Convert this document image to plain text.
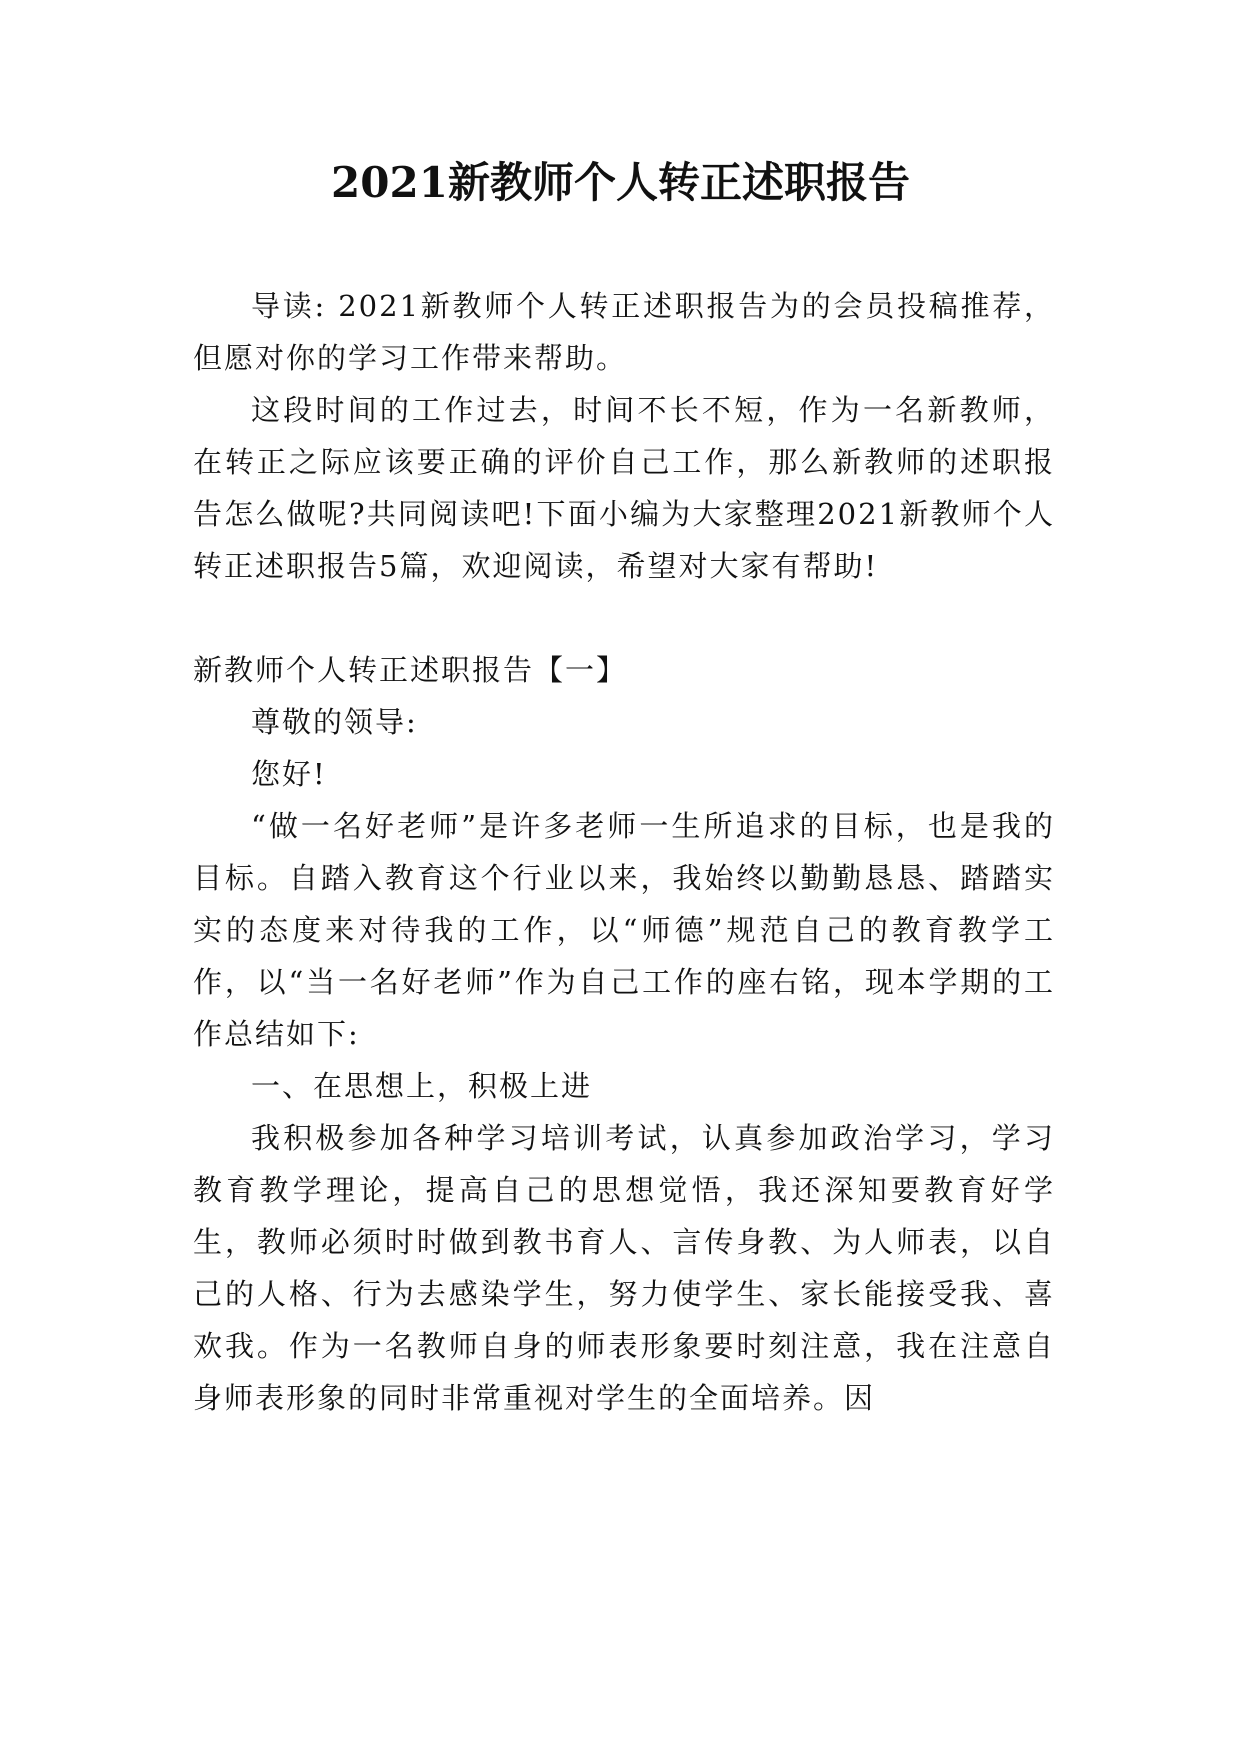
2021新教师个人转正述职报告

导读: 2021新教师个人转正述职报告为的会员投稿推荐，但愿对你的学习工作带来帮助。

这段时间的工作过去，时间不长不短，作为一名新教师，在转正之际应该要正确的评价自己工作，那么新教师的述职报告怎么做呢?共同阅读吧!下面小编为大家整理2021新教师个人转正述职报告5篇，欢迎阅读，希望对大家有帮助!

新教师个人转正述职报告【一】

尊敬的领导:

您好!

“做一名好老师”是许多老师一生所追求的目标，也是我的目标。自踏入教育这个行业以来，我始终以勤勤恳恳、踏踏实实的态度来对待我的工作，以“师德”规范自己的教育教学工作，以“当一名好老师”作为自己工作的座右铭，现本学期的工作总结如下:

一、在思想上，积极上进

我积极参加各种学习培训考试，认真参加政治学习，学习教育教学理论，提高自己的思想觉悟，我还深知要教育好学生，教师必须时时做到教书育人、言传身教、为人师表，以自己的人格、行为去感染学生，努力使学生、家长能接受我、喜欢我。作为一名教师自身的师表形象要时刻注意，我在注意自身师表形象的同时非常重视对学生的全面培养。因
